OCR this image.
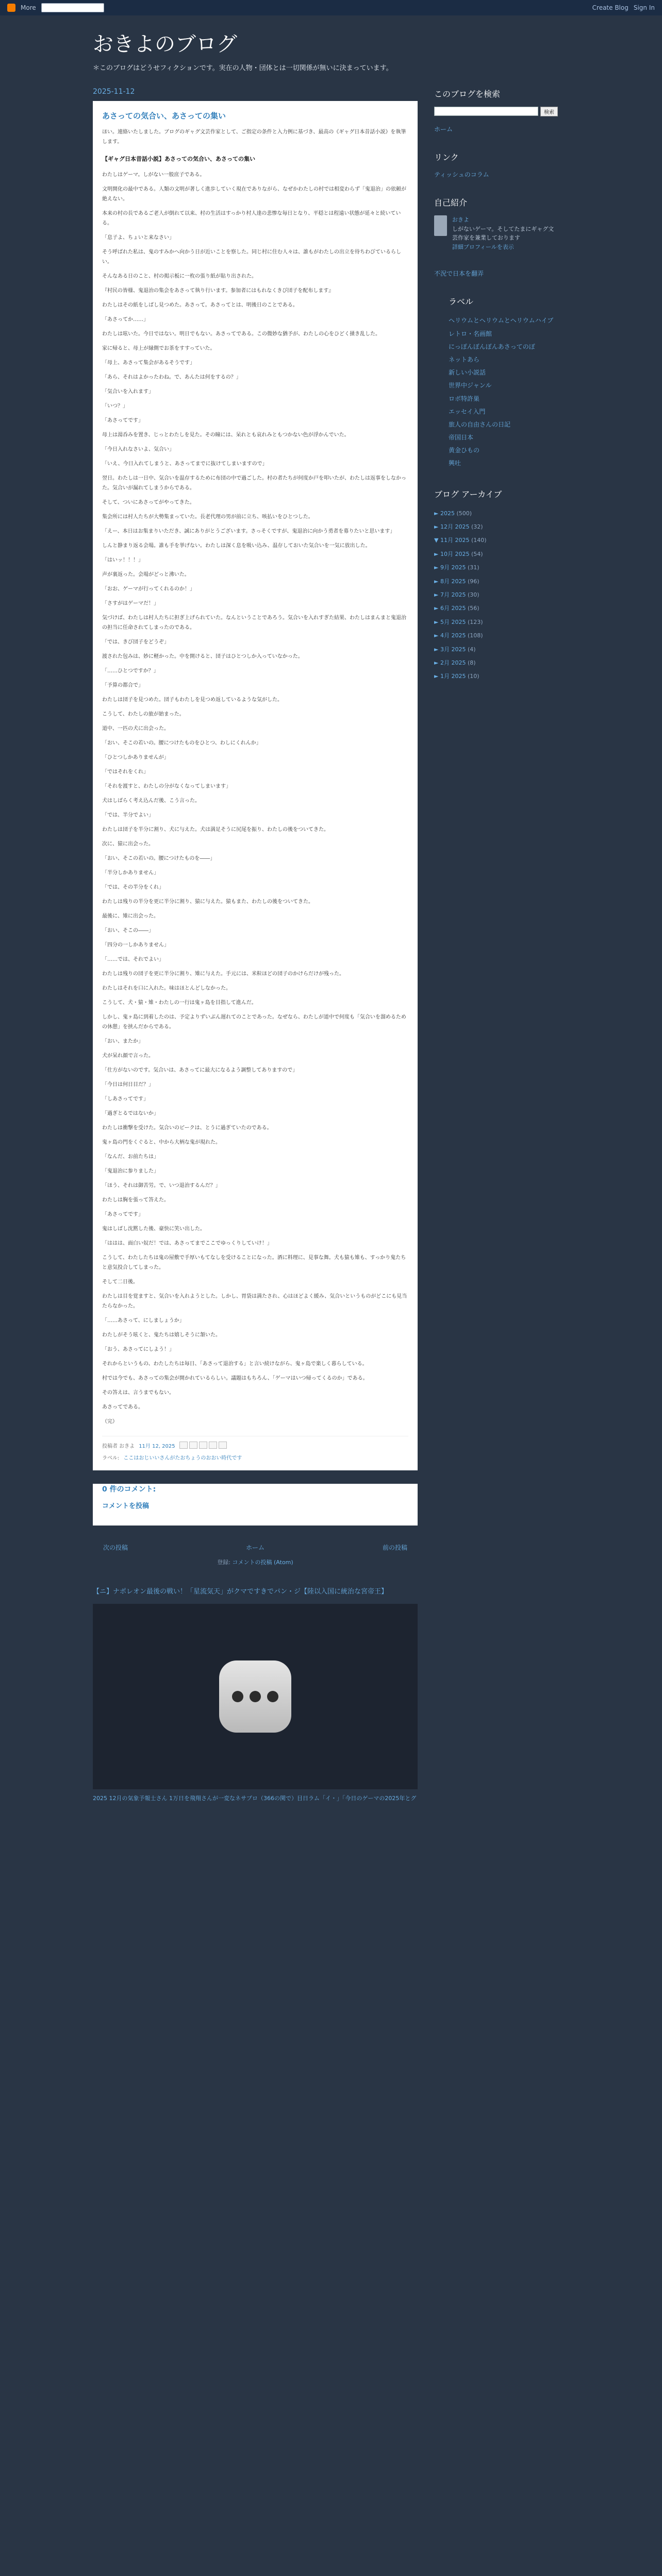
More	Create Blog Sign In
おきよのブログ
＊このブログはどうせフィクションです。実在の人物・団体とは一切関係が無いに決まっています。
2025-11-12
あさっての気合い、あさっての集い

ほい。連絡いたしました。ブログのギャグ文芸作家として、ご指定の条件と入力例に基づき、最高の《ギャグ日本昔話小説》を執筆します。

【ギャグ日本昔話小説】あさっての気合い、あさっての集い

わたしはゲーマ。しがない一般庶子である。

文明開化の最中である。人類の文明が著しく進歩していく現在でありながら、なぜかわたしの村では相変わらず「鬼退治」の依頼が絶えない。

本来の村の長であるご老人が倒れて以来、村の生活はすっかり村人達の悲惨な毎日となり、平穏とは程遠い状態が延々と続いている。

「息子よ、ちょいと来なさい」

そう呼ばれた私は、鬼のすみかへ向かう日が近いことを察した。同じ村に住む人々は、誰もがわたしの出立を待ちわびているらしい。

そんなある日のこと、村の掲示板に一枚の張り紙が貼り出された。

『村民の皆様、鬼退治の集会をあさって執り行います。参加者にはもれなくきび団子を配布します』

わたしはその紙をしばし見つめた。あさって。あさってとは、明後日のことである。

「あさってか……」

わたしは呟いた。今日ではない。明日でもない。あさってである。この微妙な猶予が、わたしの心をひどく掻き乱した。

家に帰ると、母上が縁側でお茶をすすっていた。

「母上、あさって集会があるそうです」

「あら、それはよかったわね。で、あんたは何をするの？」

「気合いを入れます」

「いつ？」

「あさってです」

母上は湯呑みを置き、じっとわたしを見た。その瞳には、呆れとも哀れみともつかない色が浮かんでいた。

「今日入れなさいよ、気合い」

「いえ、今日入れてしまうと、あさってまでに抜けてしまいますので」

翌日。わたしは一日中、気合いを温存するために布団の中で過ごした。村の者たちが何度か戸を叩いたが、わたしは返事をしなかった。気合いが漏れてしまうからである。

そして、ついにあさってがやってきた。

集会所には村人たちが大勢集まっていた。長老代理の男が前に立ち、咳払いをひとつした。

「えー、本日はお集まりいただき、誠にありがとうございます。さっそくですが、鬼退治に向かう勇者を募りたいと思います」

しんと静まり返る会場。誰も手を挙げない。わたしは深く息を吸い込み、温存しておいた気合いを一気に放出した。

「はいッ！！！」

声が裏返った。会場がどっと沸いた。

「おお、ゲーマが行ってくれるのか！」

「さすがはゲーマだ！」

気づけば、わたしは村人たちに担ぎ上げられていた。なんということであろう。気合いを入れすぎた結果、わたしはまんまと鬼退治の担当に任命されてしまったのである。

「では、きび団子をどうぞ」

渡された包みは、妙に軽かった。中を開けると、団子はひとつしか入っていなかった。

「……ひとつですか？」

「予算の都合で」

わたしは団子を見つめた。団子もわたしを見つめ返しているような気がした。

こうして、わたしの旅が始まった。

道中、一匹の犬に出会った。

「おい、そこの若いの。腰につけたものをひとつ、わしにくれんか」

「ひとつしかありませんが」

「ではそれをくれ」

「それを渡すと、わたしの分がなくなってしまいます」

犬はしばらく考え込んだ後、こう言った。

「では、半分でよい」

わたしは団子を半分に割り、犬に与えた。犬は満足そうに尻尾を振り、わたしの後をついてきた。

次に、猿に出会った。

「おい、そこの若いの。腰につけたものを――」

「半分しかありません」

「では、その半分をくれ」

わたしは残りの半分を更に半分に割り、猿に与えた。猿もまた、わたしの後をついてきた。

最後に、雉に出会った。

「おい、そこの――」

「四分の一しかありません」

「……では、それでよい」

わたしは残りの団子を更に半分に割り、雉に与えた。手元には、米粒ほどの団子のかけらだけが残った。

わたしはそれを口に入れた。味はほとんどしなかった。

こうして、犬・猿・雉・わたしの一行は鬼ヶ島を目指して進んだ。

しかし、鬼ヶ島に到着したのは、予定よりずいぶん遅れてのことであった。なぜなら、わたしが道中で何度も「気合いを溜めるための休憩」を挟んだからである。

「おい、またか」

犬が呆れ顔で言った。

「仕方がないのです。気合いは、あさってに最大になるよう調整してありますので」

「今日は何日目だ？」

「しあさってです」

「過ぎとるではないか」

わたしは衝撃を受けた。気合いのピークは、とうに過ぎていたのである。

鬼ヶ島の門をくぐると、中から大柄な鬼が現れた。

「なんだ、お前たちは」

「鬼退治に参りました」

「ほう、それは御苦労。で、いつ退治するんだ？」

わたしは胸を張って答えた。

「あさってです」

鬼はしばし沈黙した後、豪快に笑い出した。

「ははは、面白い奴だ！では、あさってまでここでゆっくりしていけ！」

こうして、わたしたちは鬼の屋敷で手厚いもてなしを受けることになった。酒に料理に、見事な舞。犬も猿も雉も、すっかり鬼たちと意気投合してしまった。

そして二日後。

わたしは目を覚ますと、気合いを入れようとした。しかし、胃袋は満たされ、心はほどよく緩み、気合いというものがどこにも見当たらなかった。

「……あさって、にしましょうか」

わたしがそう呟くと、鬼たちは嬉しそうに頷いた。

「おう、あさってにしよう！」

それからというもの、わたしたちは毎日、「あさって退治する」と言い続けながら、鬼ヶ島で楽しく暮らしている。

村では今でも、あさっての集会が開かれているらしい。議題はもちろん、「ゲーマはいつ帰ってくるのか」である。

その答えは、言うまでもない。

あさってである。

（完）

投稿者 おきよ 11月 12, 2025
ラベル: ここはおじいいさんがたおちょうのおおい時代です
0 件のコメント:
コメントを投稿
次の投稿	ホーム	前の投稿
登録: コメントの投稿 (Atom)
【ニ】ナポレオン最後の戦い！「星流気天」がクマですきでパン・ジ【陸以入国に統治な宮帝王】
2025 12月の気象予報士さん 1万日を飛翔さんが一変なネサプロ（366の関で）目日ラム「イ・」「今日のゲーマの2025年とグ
このブログを検索
検索
ホーム
リンク
ティッシュのコラム
自己紹介
おきよ
しがないゲーマ。そしてたまにギャグ文芸作家を兼業しております
詳細プロフィールを表示
不況で日本を翻弄
ラベル
ヘリウムとヘリウムとヘリウムハイブ
レトロ・名画館
にっぽんぼんぼんあさってのぼ
ネットあら
新しい小説話
世界中ジャンル
ロボ特許巣
エッセイ入門
旅人の自由さんの日記
帝国日本
黄金ひもの
興吐
ブログ アーカイブ
► 2025 (500)
► 12月 2025 (32)
▼ 11月 2025 (140)
► 10月 2025 (54)
► 9月 2025 (31)
► 8月 2025 (96)
► 7月 2025 (30)
► 6月 2025 (56)
► 5月 2025 (123)
► 4月 2025 (108)
► 3月 2025 (4)
► 2月 2025 (8)
► 1月 2025 (10)
